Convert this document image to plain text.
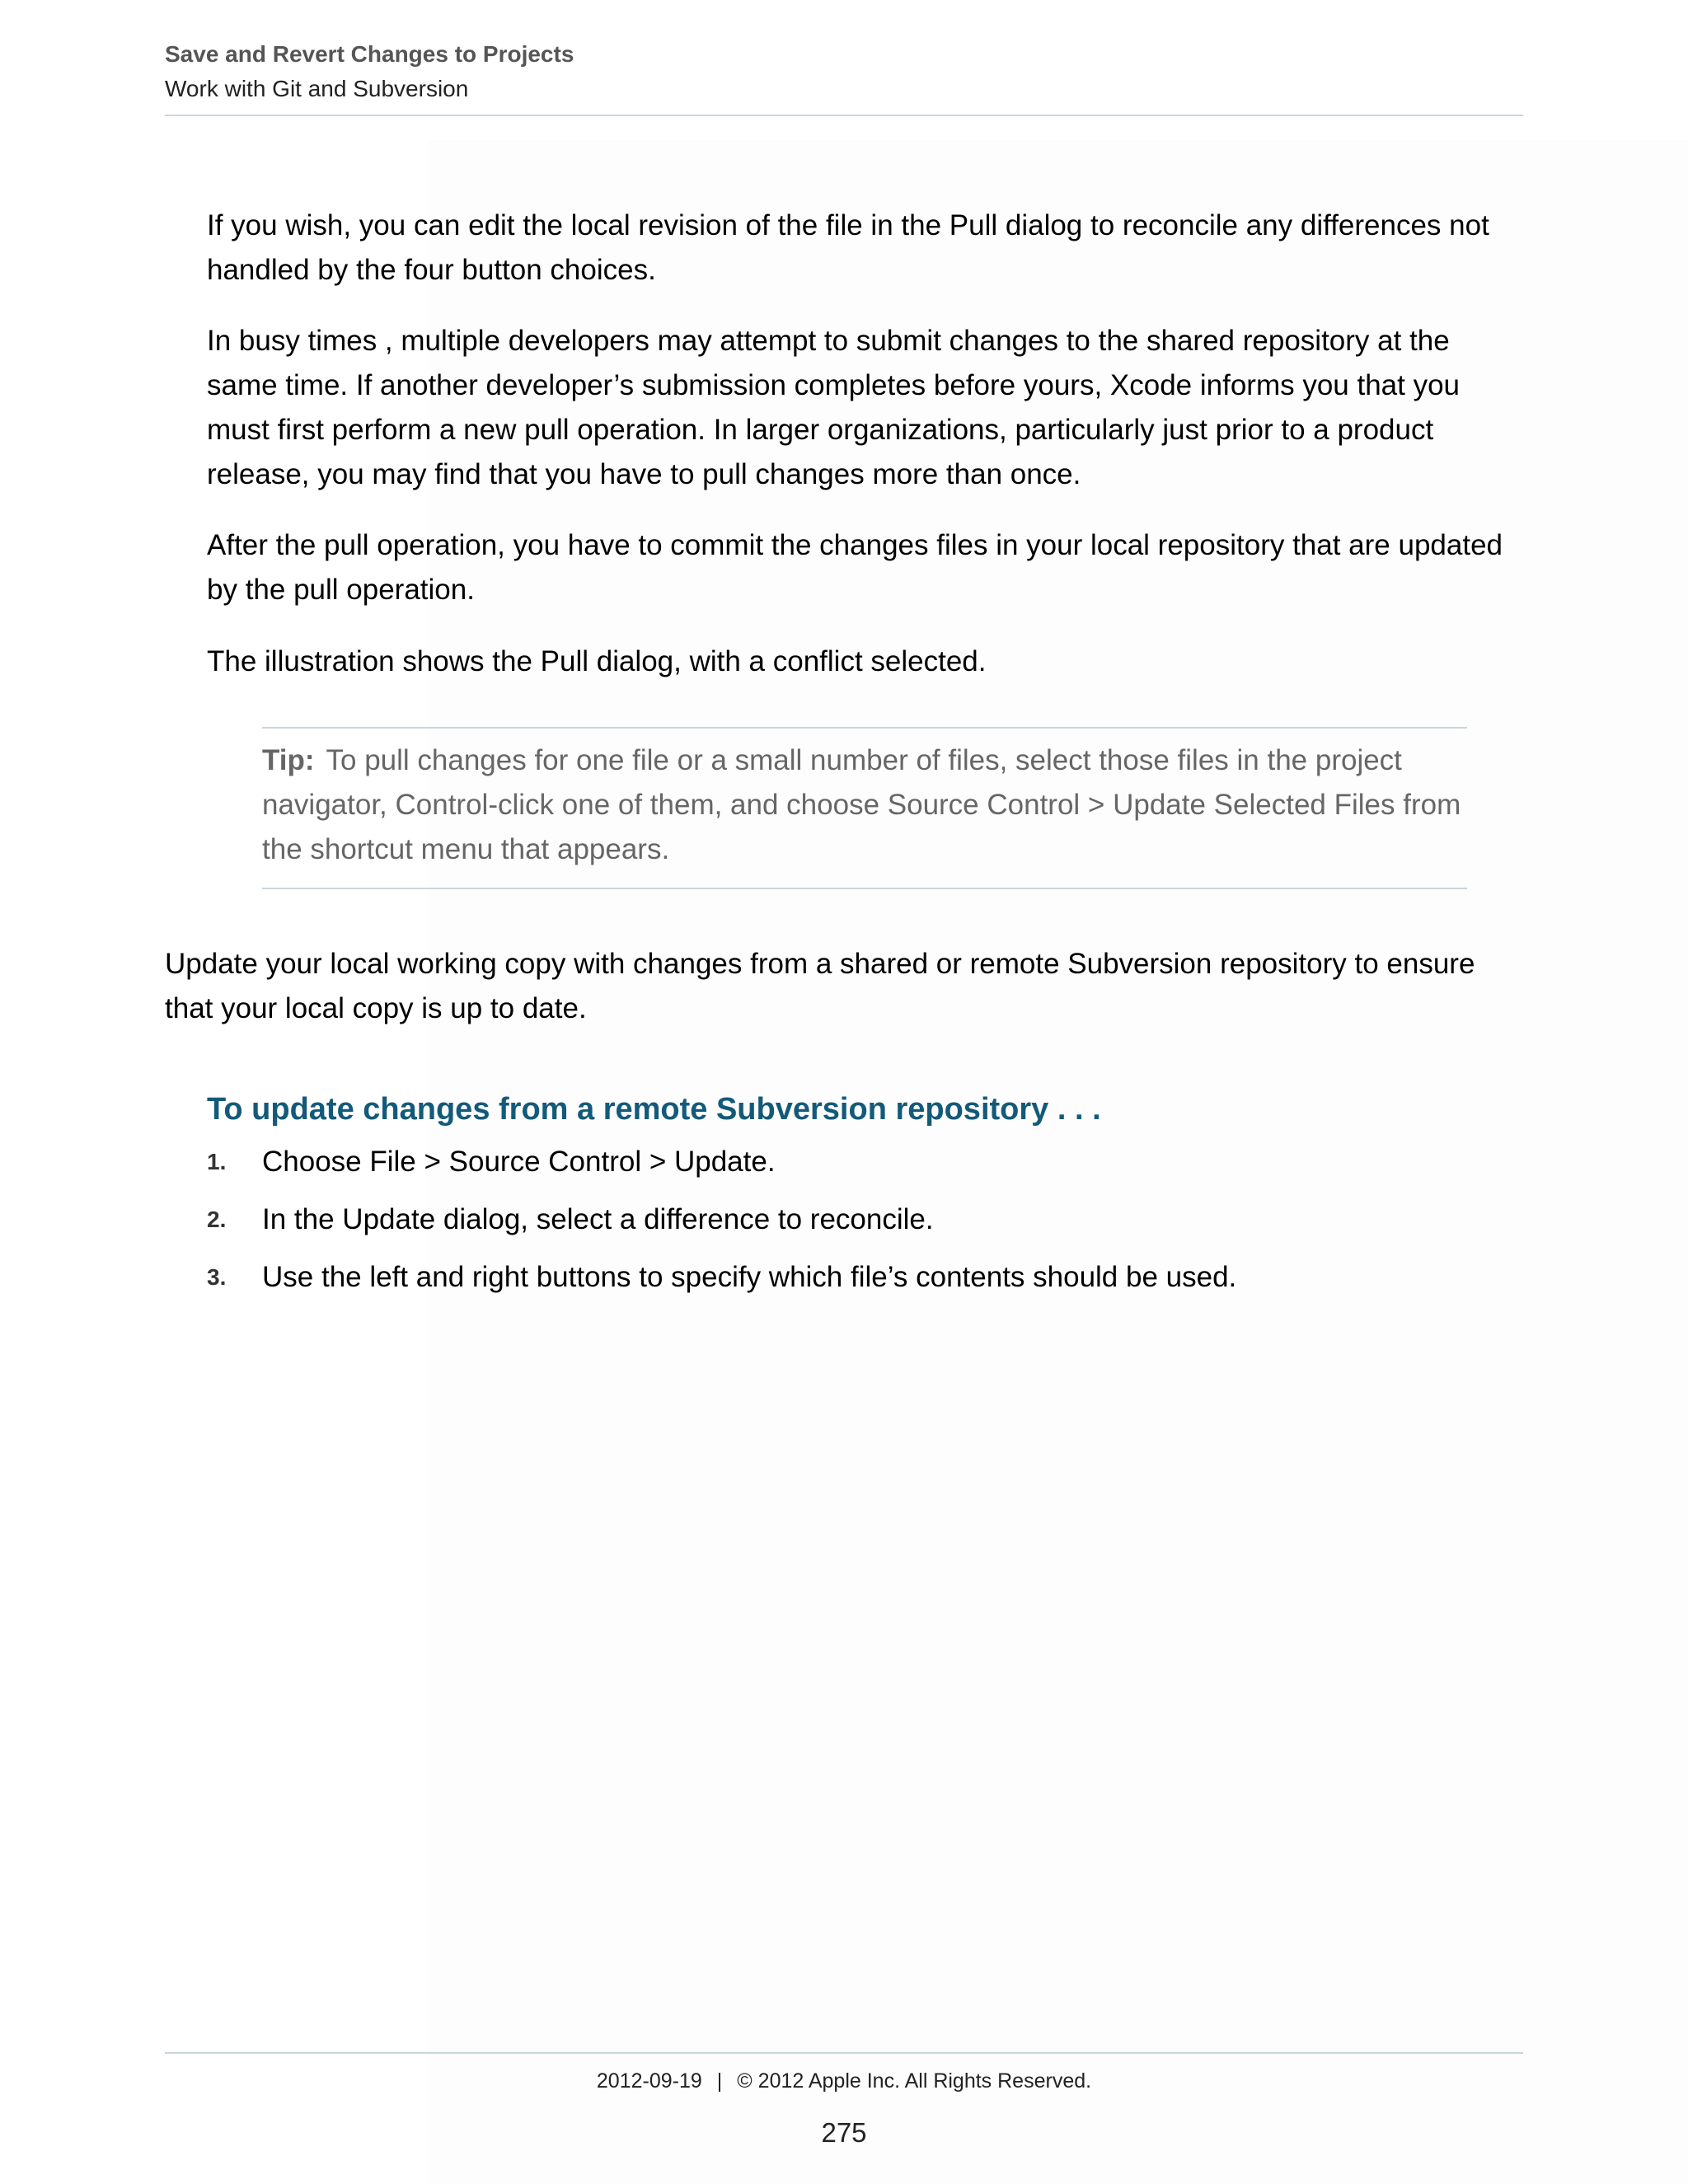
Save and Revert Changes to Projects
Work with Git and Subversion

If you wish, you can edit the local revision of the file in the Pull dialog to reconcile any differences not handled by the four button choices.

In busy times , multiple developers may attempt to submit changes to the shared repository at the same time. If another developer’s submission completes before yours, Xcode informs you that you must first perform a new pull operation. In larger organizations, particularly just prior to a product release, you may find that you have to pull changes more than once.

After the pull operation, you have to commit the changes files in your local repository that are updated by the pull operation.

The illustration shows the Pull dialog, with a conflict selected.

Tip: To pull changes for one file or a small number of files, select those files in the project navigator, Control-click one of them, and choose Source Control > Update Selected Files from the shortcut menu that appears.

Update your local working copy with changes from a shared or remote Subversion repository to ensure that your local copy is up to date.

To update changes from a remote Subversion repository . . .
1. Choose File > Source Control > Update.
2. In the Update dialog, select a difference to reconcile.
3. Use the left and right buttons to specify which file’s contents should be used.
2012-09-19 | © 2012 Apple Inc. All Rights Reserved.
275
